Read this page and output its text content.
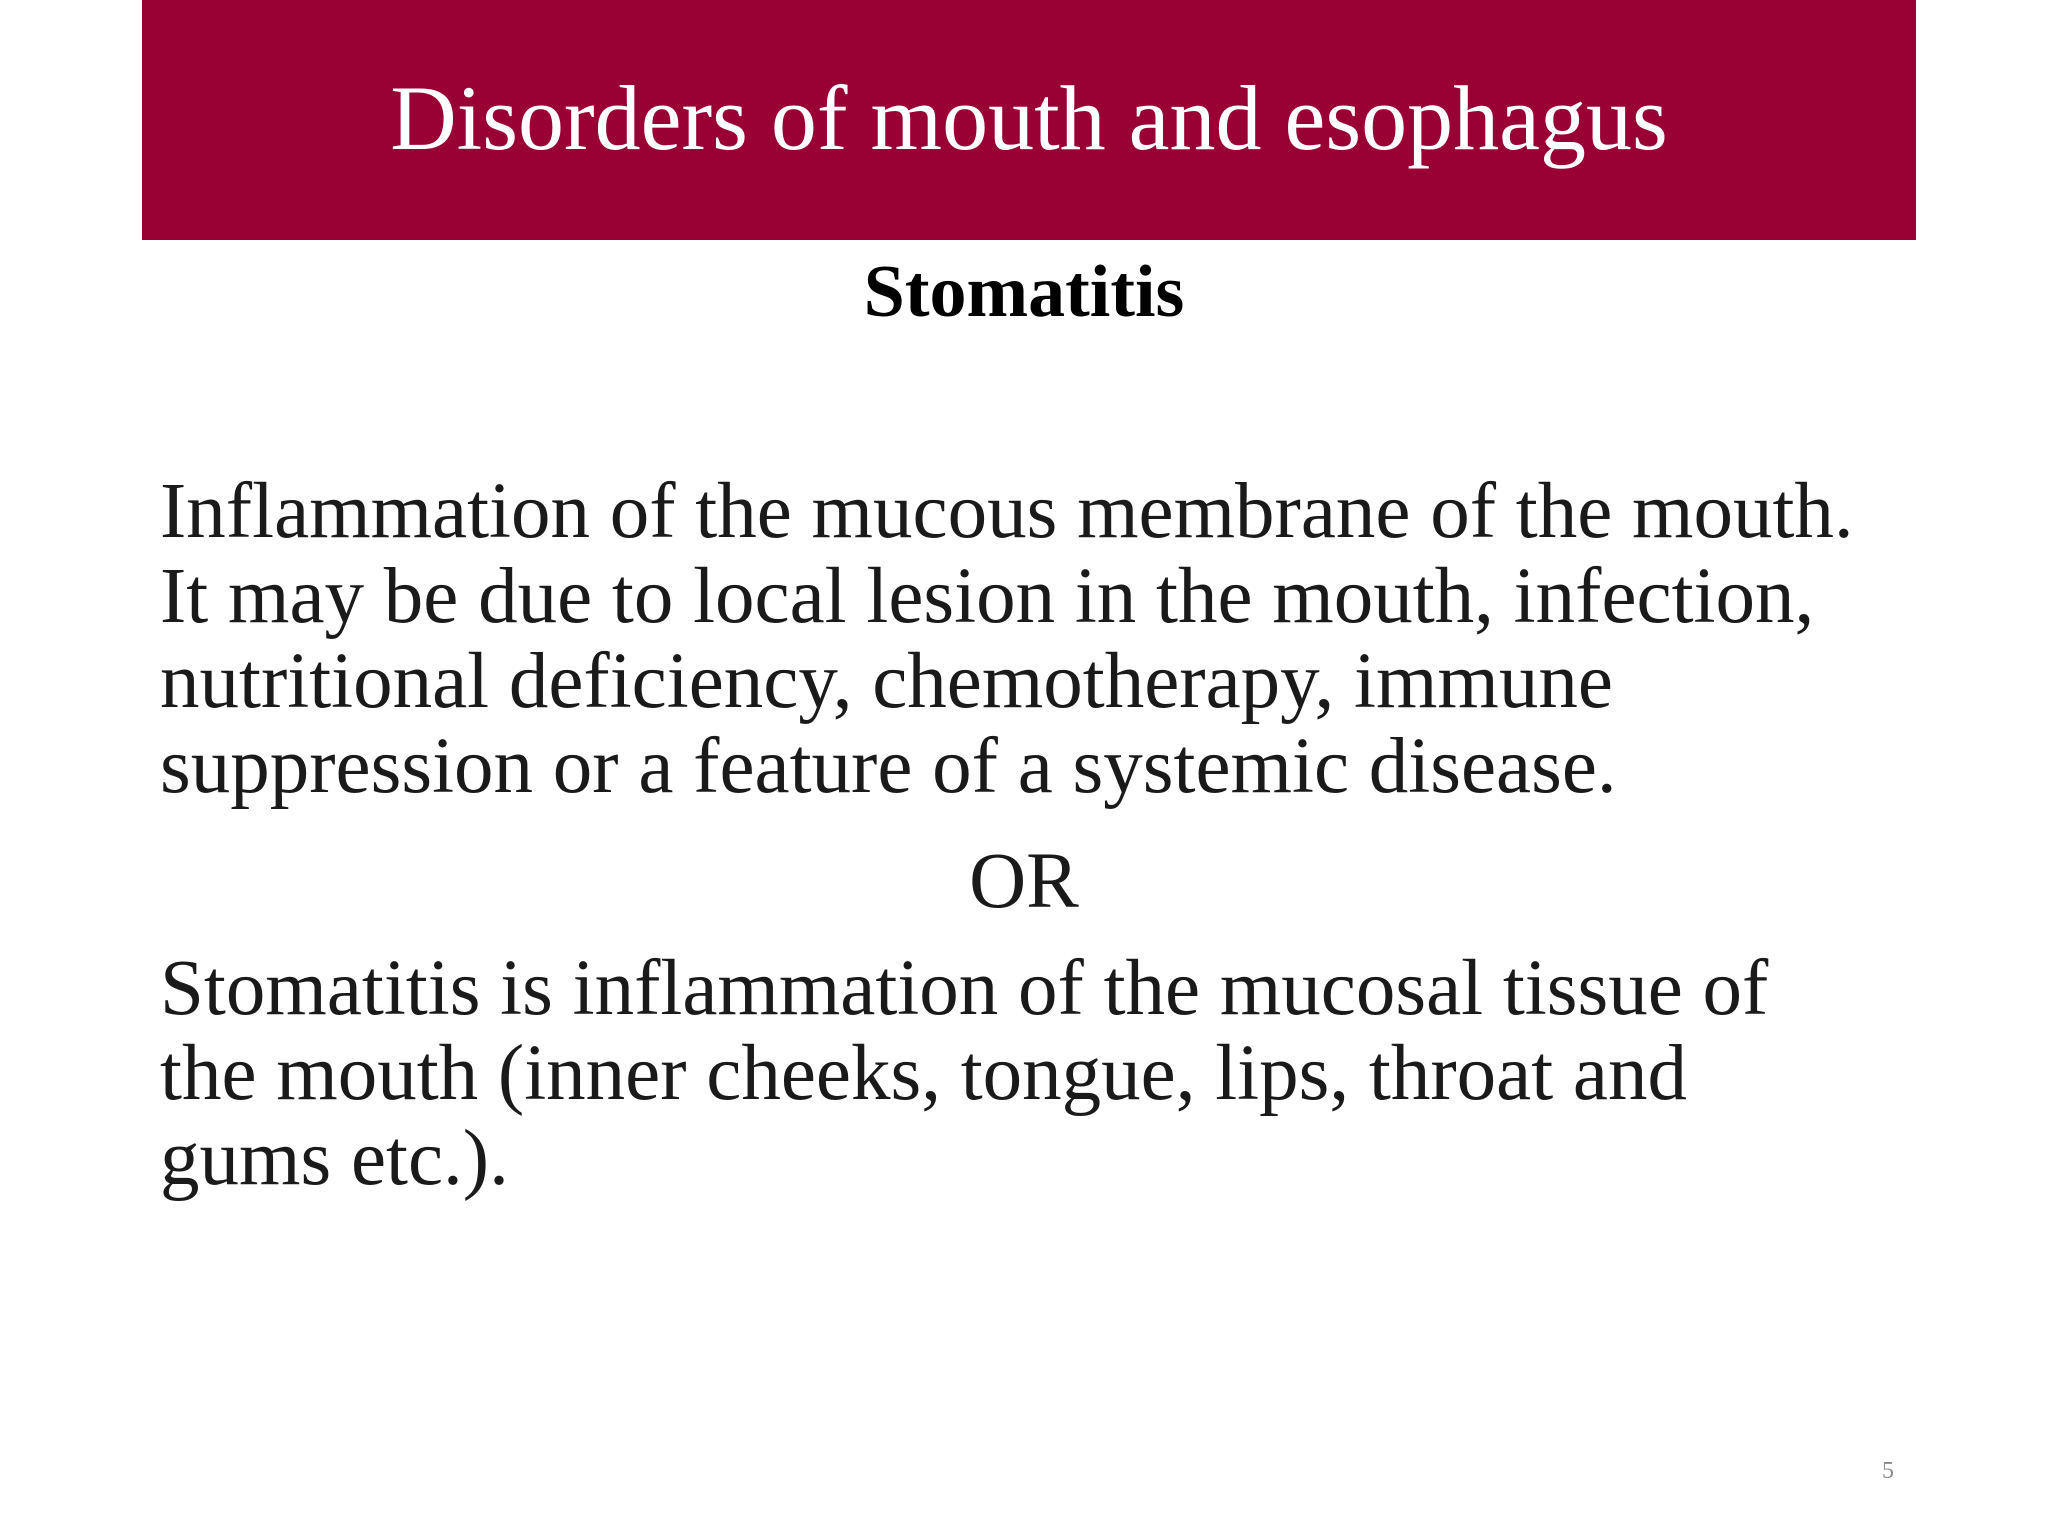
Disorders of mouth and esophagus
Stomatitis
Inflammation of the mucous membrane of the mouth.
It may be due to local lesion in the mouth, infection,
nutritional deficiency, chemotherapy, immune
suppression or a feature of a systemic disease.
OR
Stomatitis is inflammation of the mucosal tissue of
the mouth (inner cheeks, tongue, lips, throat and
gums etc.).
5
